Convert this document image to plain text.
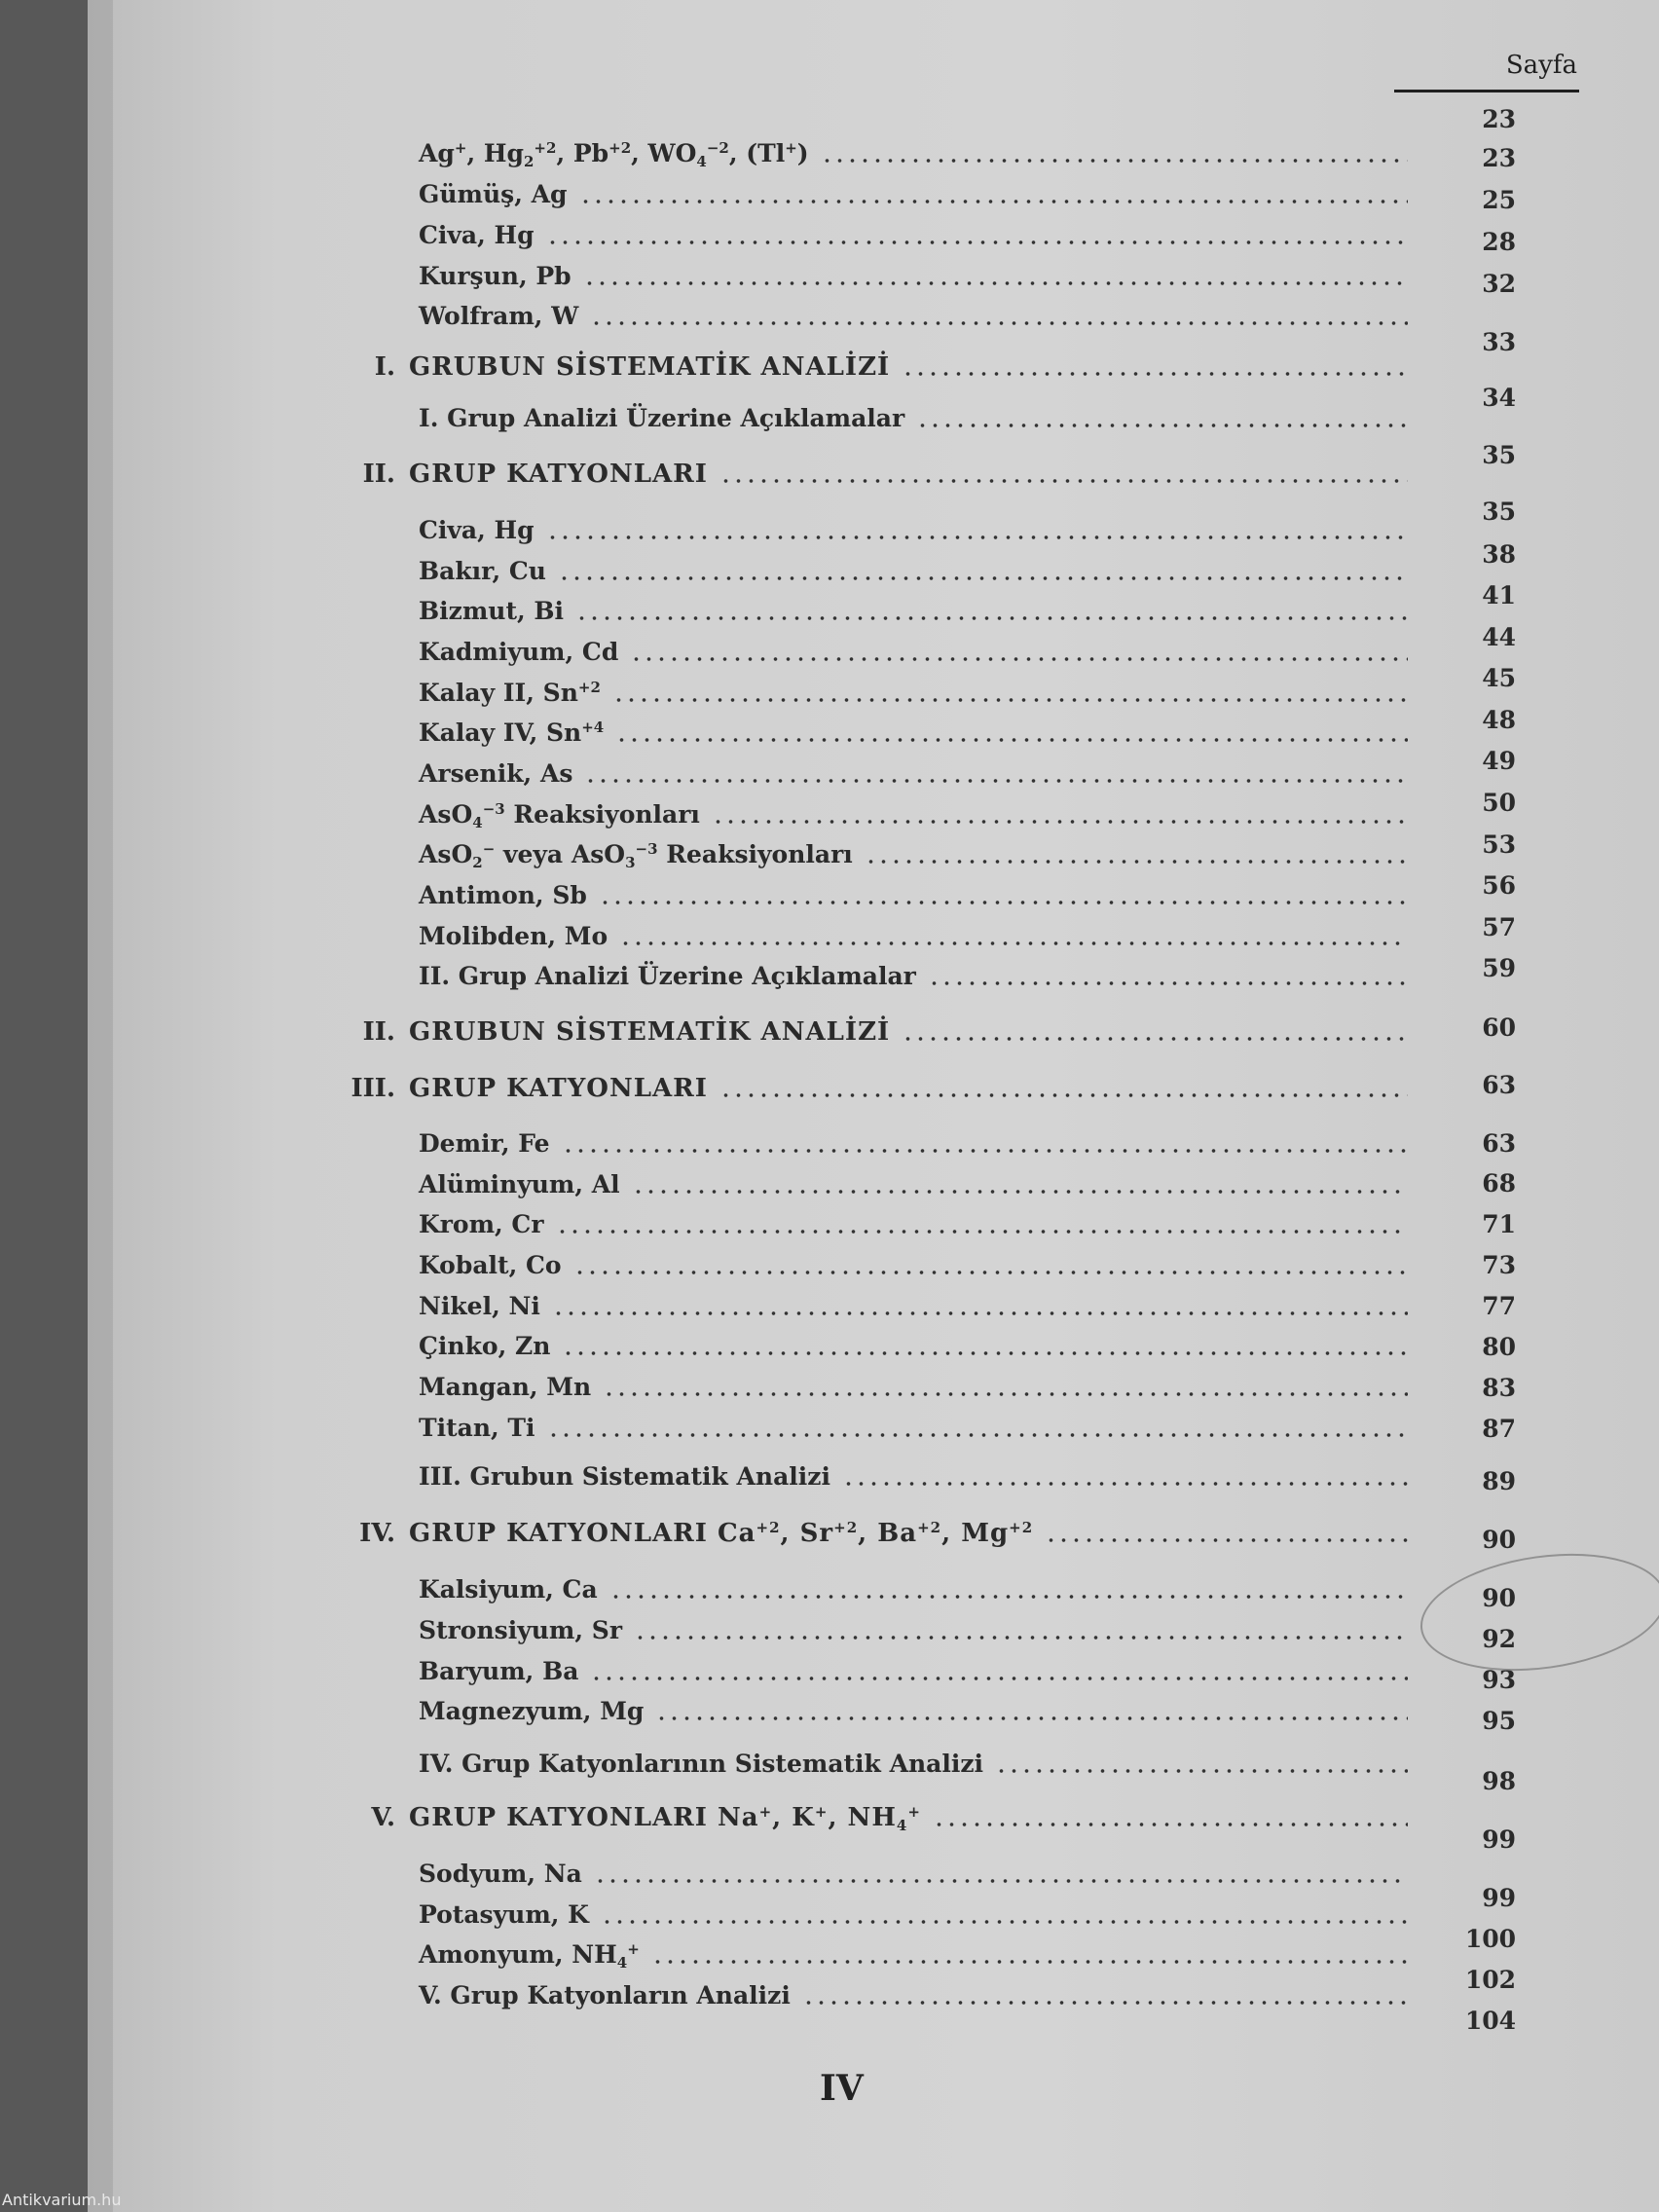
Sayfa
Ag+, $Hg_2^{+2}$, $Pb^{+2}$, $WO_4^{-2}$, (Tl+)
Gümüş, Ag
Civa, Hg
Kurşun, Pb
Wolfram, W
I. GRUBUN SİSTEMATİK ANALİZİ
I. Grup Analizi Üzerine Açıklamalar
II. GRUP KATYONLARI
Civa, Hg
Bakır, Cu
Bizmut, Bi
Kadmiyum, Cd
Kalay II, $Sn^{+2}$
Kalay IV, $Sn^{+4}$
Arsenik, As
AsO$_4^{-3}$ Reaksiyonları
AsO$_2$− veya AsO$_3^{-3}$ Reaksiyonları
Antimon, Sb
Molibden, Mo
II. Grup Analizi Üzerine Açıklamalar
II. GRUBUN SİSTEMATİK ANALİZİ
III. GRUP KATYONLARI
Demir, Fe
Alüminyum, Al
Krom, Cr
Kobalt, Co
Nikel, Ni
Çinko, Zn
Mangan, Mn
Titan, Ti
III. Grubun Sistematik Analizi
IV. GRUP KATYONLARI $Ca^{+2}$, $Sr^{+2}$, $Ba^{+2}$, $Mg^{+2}$
Kalsiyum, Ca
Stronsiyum, Sr
Baryum, Ba
Magnezyum, Mg
IV. Grup Katyonlarının Sistematik Analizi
V. GRUP KATYONLARI Na+, K+, $NH_4^+$
Sodyum, Na
Potasyum, K
Amonyum, $NH_4^+$
V. Grup Katyonların Analizi
23
23
25
28
32
33
34
35
35
38
41
44
45
48
49
50
53
56
57
59
60
63
63
68
71
73
77
80
83
87
89
90
90
92
93
95
98
99
99
100
102
104
IV
Antikvarium.hu
